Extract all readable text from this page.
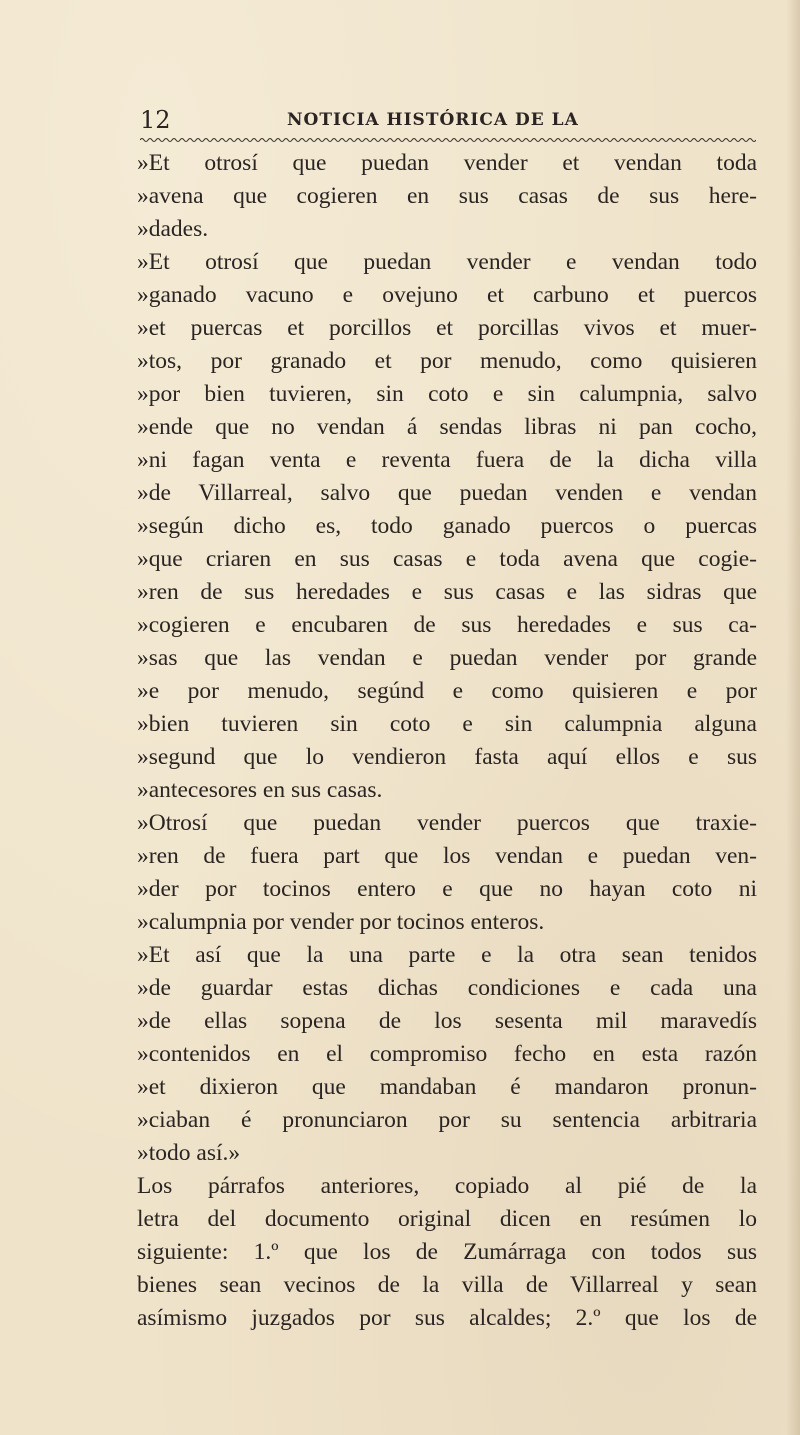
12	NOTICIA HISTÓRICA DE LA
»Et otrosí que puedan vender et vendan toda
»avena que cogieren en sus casas de sus here-
»dades.
»Et otrosí que puedan vender e vendan todo
»ganado vacuno e ovejuno et carbuno et puercos
»et puercas et porcillos et porcillas vivos et muer-
»tos, por granado et por menudo, como quisieren
»por bien tuvieren, sin coto e sin calumpnia, salvo
»ende que no vendan á sendas libras ni pan cocho,
»ni fagan venta e reventa fuera de la dicha villa
»de Villarreal, salvo que puedan venden e vendan
»según dicho es, todo ganado puercos o puercas
»que criaren en sus casas e toda avena que cogie-
»ren de sus heredades e sus casas e las sidras que
»cogieren e encubaren de sus heredades e sus ca-
»sas que las vendan e puedan vender por grande
»e por menudo, segúnd e como quisieren e por
»bien tuvieren sin coto e sin calumpnia alguna
»segund que lo vendieron fasta aquí ellos e sus
»antecesores en sus casas.
»Otrosí que puedan vender puercos que traxie-
»ren de fuera part que los vendan e puedan ven-
»der por tocinos entero e que no hayan coto ni
»calumpnia por vender por tocinos enteros.
»Et así que la una parte e la otra sean tenidos
»de guardar estas dichas condiciones e cada una
»de ellas sopena de los sesenta mil maravedís
»contenidos en el compromiso fecho en esta razón
»et dixieron que mandaban é mandaron pronun-
»ciaban é pronunciaron por su sentencia arbitraria
»todo así.»
Los párrafos anteriores, copiado al pié de la
letra del documento original dicen en resúmen lo
siguiente: 1.º que los de Zumárraga con todos sus
bienes sean vecinos de la villa de Villarreal y sean
asímismo juzgados por sus alcaldes; 2.º que los de
